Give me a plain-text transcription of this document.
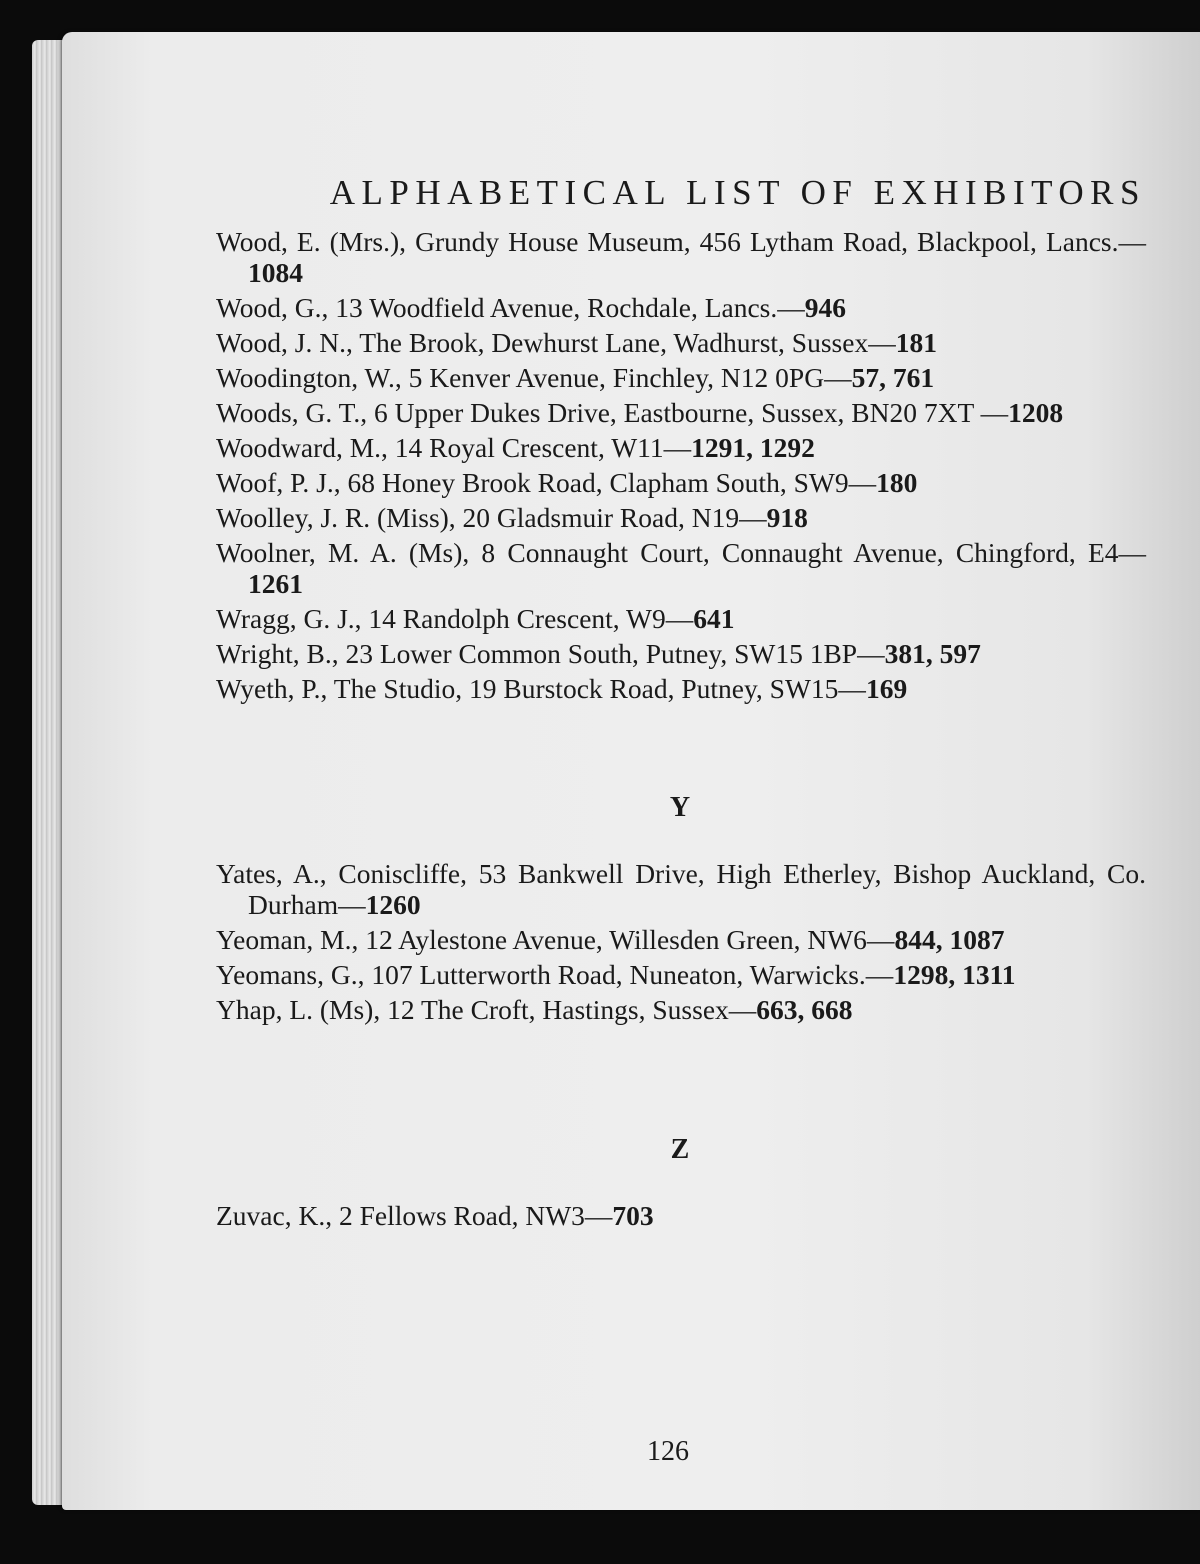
ALPHABETICAL LIST OF EXHIBITORS

Wood, E. (Mrs.), Grundy House Museum, 456 Lytham Road, Blackpool, Lancs.—1084

Wood, G., 13 Woodfield Avenue, Rochdale, Lancs.—946

Wood, J. N., The Brook, Dewhurst Lane, Wadhurst, Sussex—181

Woodington, W., 5 Kenver Avenue, Finchley, N12 0PG—57, 761

Woods, G. T., 6 Upper Dukes Drive, Eastbourne, Sussex, BN20 7XT —1208

Woodward, M., 14 Royal Crescent, W11—1291, 1292

Woof, P. J., 68 Honey Brook Road, Clapham South, SW9—180

Woolley, J. R. (Miss), 20 Gladsmuir Road, N19—918

Woolner, M. A. (Ms), 8 Connaught Court, Connaught Avenue, Chingford, E4—1261

Wragg, G. J., 14 Randolph Crescent, W9—641

Wright, B., 23 Lower Common South, Putney, SW15 1BP—381, 597

Wyeth, P., The Studio, 19 Burstock Road, Putney, SW15—169

Y

Yates, A., Coniscliffe, 53 Bankwell Drive, High Etherley, Bishop Auckland, Co. Durham—1260

Yeoman, M., 12 Aylestone Avenue, Willesden Green, NW6—844, 1087

Yeomans, G., 107 Lutterworth Road, Nuneaton, Warwicks.—1298, 1311

Yhap, L. (Ms), 12 The Croft, Hastings, Sussex—663, 668

Z

Zuvac, K., 2 Fellows Road, NW3—703

126
